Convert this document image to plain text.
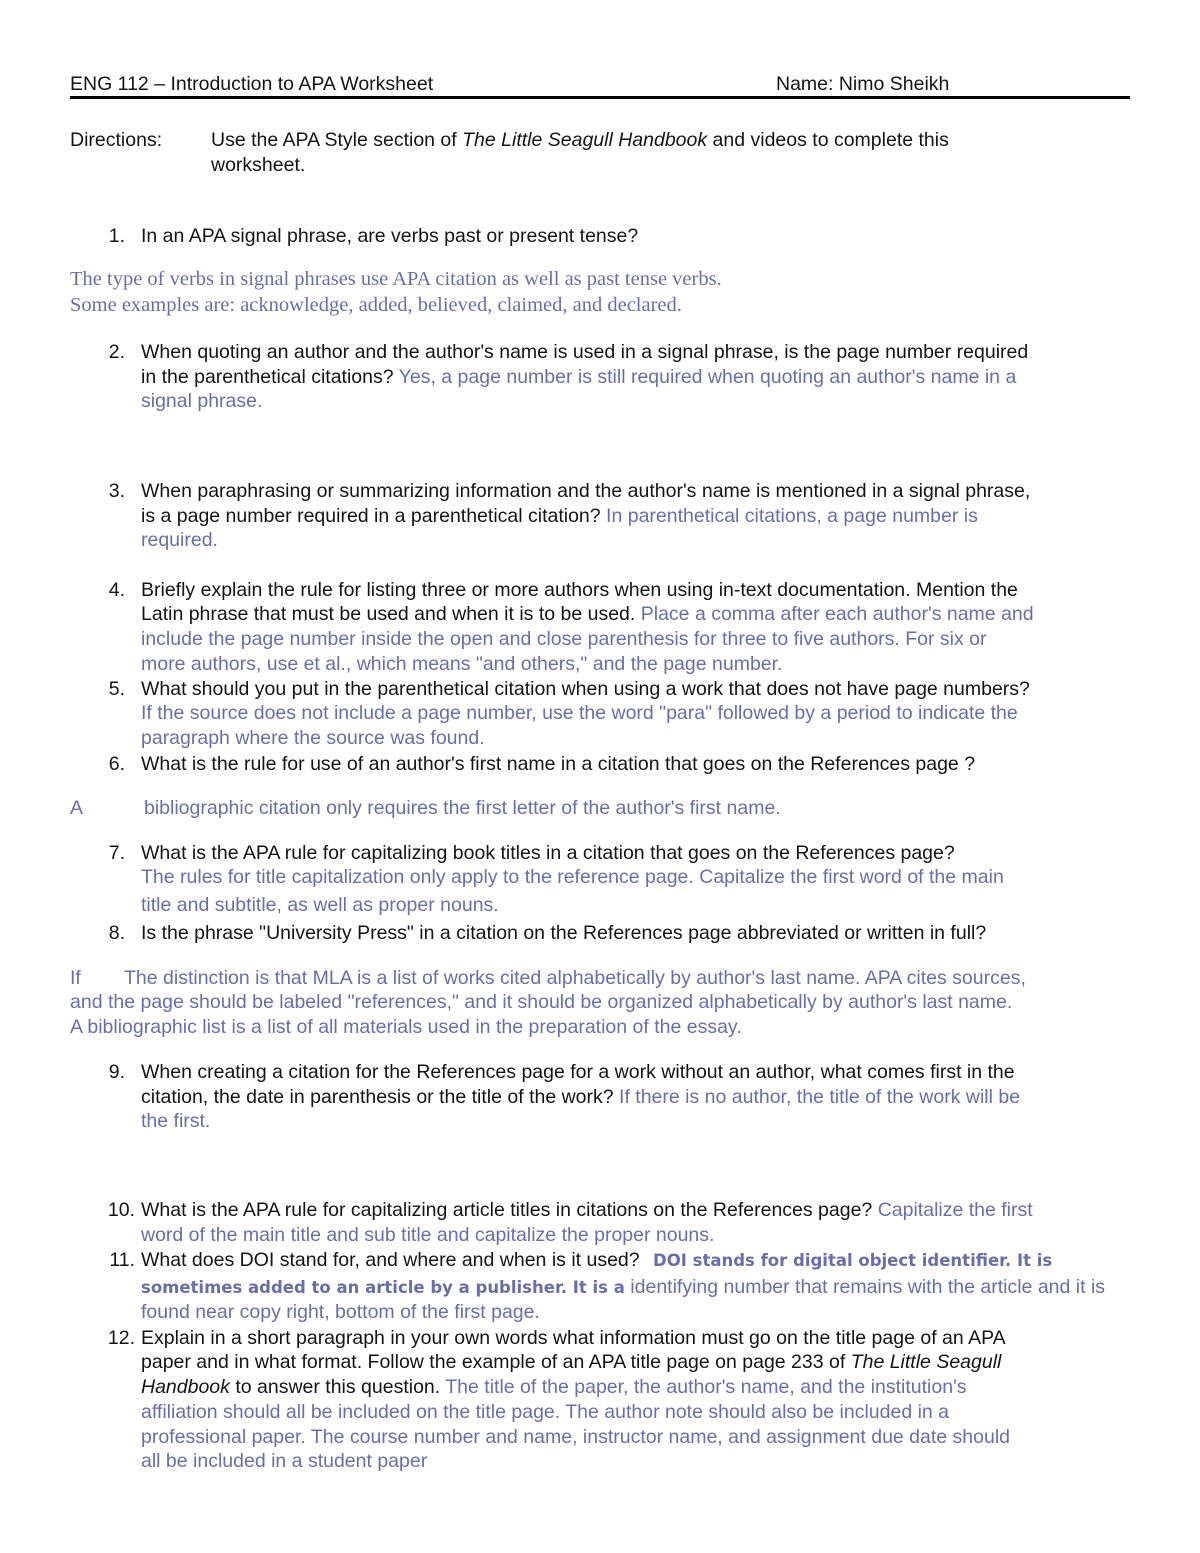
ENG 112 – Introduction to APA Worksheet	Name: Nimo Sheikh
Directions:	Use the APA Style section of The Little Seagull Handbook and videos to complete this
worksheet.
1. In an APA signal phrase, are verbs past or present tense?
The type of verbs in signal phrases use APA citation as well as past tense verbs.
Some examples are: acknowledge, added, believed, claimed, and declared.
2. When quoting an author and the author's name is used in a signal phrase, is the page number required
in the parenthetical citations? Yes, a page number is still required when quoting an author's name in a
signal phrase.
3. When paraphrasing or summarizing information and the author's name is mentioned in a signal phrase,
is a page number required in a parenthetical citation? In parenthetical citations, a page number is
required.
4. Briefly explain the rule for listing three or more authors when using in-text documentation. Mention the
Latin phrase that must be used and when it is to be used. Place a comma after each author's name and
include the page number inside the open and close parenthesis for three to five authors. For six or
more authors, use et al., which means "and others," and the page number.
5. What should you put in the parenthetical citation when using a work that does not have page numbers?
If the source does not include a page number, use the word "para" followed by a period to indicate the
paragraph where the source was found.
6. What is the rule for use of an author's first name in a citation that goes on the References page ?
A	bibliographic citation only requires the first letter of the author's first name.
7. What is the APA rule for capitalizing book titles in a citation that goes on the References page?
The rules for title capitalization only apply to the reference page. Capitalize the first word of the main
title and subtitle, as well as proper nouns.
8. Is the phrase "University Press" in a citation on the References page abbreviated or written in full?
If The distinction is that MLA is a list of works cited alphabetically by author's last name. APA cites sources,
and the page should be labeled "references," and it should be organized alphabetically by author's last name.
A bibliographic list is a list of all materials used in the preparation of the essay.
9. When creating a citation for the References page for a work without an author, what comes first in the
citation, the date in parenthesis or the title of the work? If there is no author, the title of the work will be
the first.
10. What is the APA rule for capitalizing article titles in citations on the References page? Capitalize the first
word of the main title and sub title and capitalize the proper nouns.
11. What does DOI stand for, and where and when is it used? DOI stands for digital object identifier. It is
sometimes added to an article by a publisher. It is a identifying number that remains with the article and it is
found near copy right, bottom of the first page.
12. Explain in a short paragraph in your own words what information must go on the title page of an APA
paper and in what format. Follow the example of an APA title page on page 233 of The Little Seagull
Handbook to answer this question. The title of the paper, the author's name, and the institution's
affiliation should all be included on the title page. The author note should also be included in a
professional paper. The course number and name, instructor name, and assignment due date should
all be included in a student paper
